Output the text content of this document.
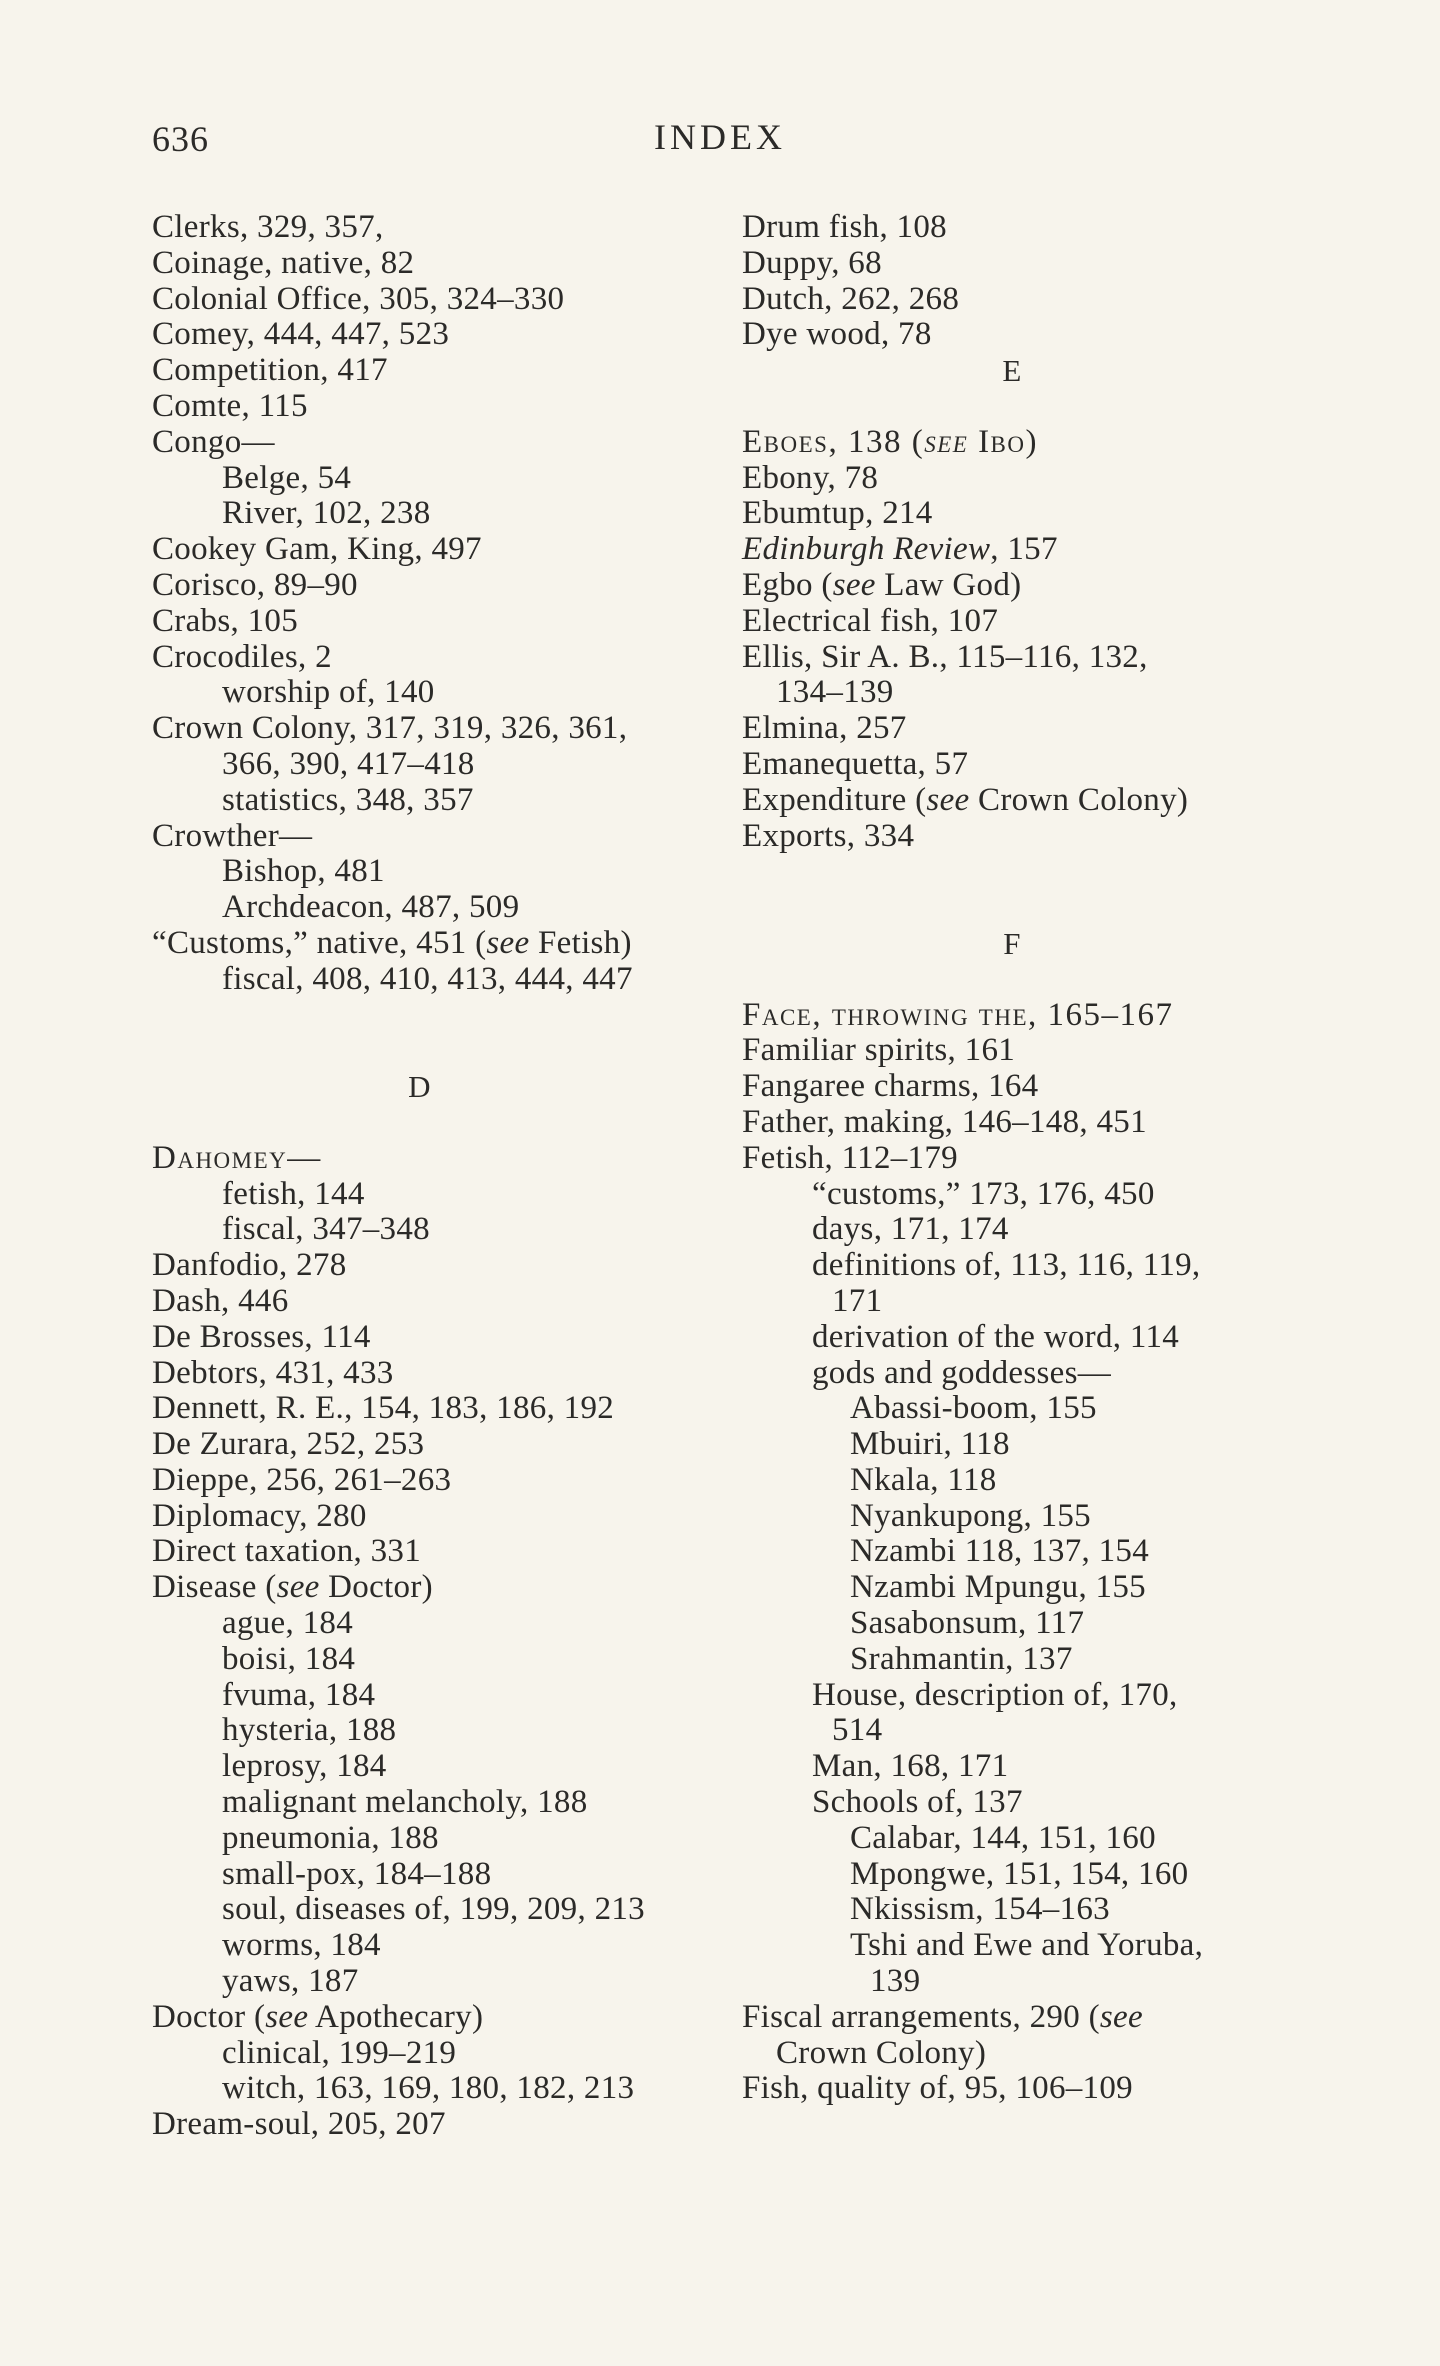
636	INDEX
Clerks, 329, 357,
Coinage, native, 82
Colonial Office, 305, 324–330
Comey, 444, 447, 523
Competition, 417
Comte, 115
Congo—
Belge, 54
River, 102, 238
Cookey Gam, King, 497
Corisco, 89–90
Crabs, 105
Crocodiles, 2
worship of, 140
Crown Colony, 317, 319, 326, 361,
366, 390, 417–418
statistics, 348, 357
Crowther—
Bishop, 481
Archdeacon, 487, 509
“Customs,” native, 451 (see Fetish)
fiscal, 408, 410, 413, 444, 447
D
Dahomey—
fetish, 144
fiscal, 347–348
Danfodio, 278
Dash, 446
De Brosses, 114
Debtors, 431, 433
Dennett, R. E., 154, 183, 186, 192
De Zurara, 252, 253
Dieppe, 256, 261–263
Diplomacy, 280
Direct taxation, 331
Disease (see Doctor)
ague, 184
boisi, 184
fvuma, 184
hysteria, 188
leprosy, 184
malignant melancholy, 188
pneumonia, 188
small-pox, 184–188
soul, diseases of, 199, 209, 213
worms, 184
yaws, 187
Doctor (see Apothecary)
clinical, 199–219
witch, 163, 169, 180, 182, 213
Dream-soul, 205, 207
Drum fish, 108
Duppy, 68
Dutch, 262, 268
Dye wood, 78
E
Eboes, 138 (see Ibo)
Ebony, 78
Ebumtup, 214
Edinburgh Review, 157
Egbo (see Law God)
Electrical fish, 107
Ellis, Sir A. B., 115–116, 132,
134–139
Elmina, 257
Emanequetta, 57
Expenditure (see Crown Colony)
Exports, 334
F
Face, throwing the, 165–167
Familiar spirits, 161
Fangaree charms, 164
Father, making, 146–148, 451
Fetish, 112–179
“customs,” 173, 176, 450
days, 171, 174
definitions of, 113, 116, 119,
171
derivation of the word, 114
gods and goddesses—
Abassi-boom, 155
Mbuiri, 118
Nkala, 118
Nyankupong, 155
Nzambi 118, 137, 154
Nzambi Mpungu, 155
Sasabonsum, 117
Srahmantin, 137
House, description of, 170,
514
Man, 168, 171
Schools of, 137
Calabar, 144, 151, 160
Mpongwe, 151, 154, 160
Nkissism, 154–163
Tshi and Ewe and Yoruba,
139
Fiscal arrangements, 290 (see
Crown Colony)
Fish, quality of, 95, 106–109
